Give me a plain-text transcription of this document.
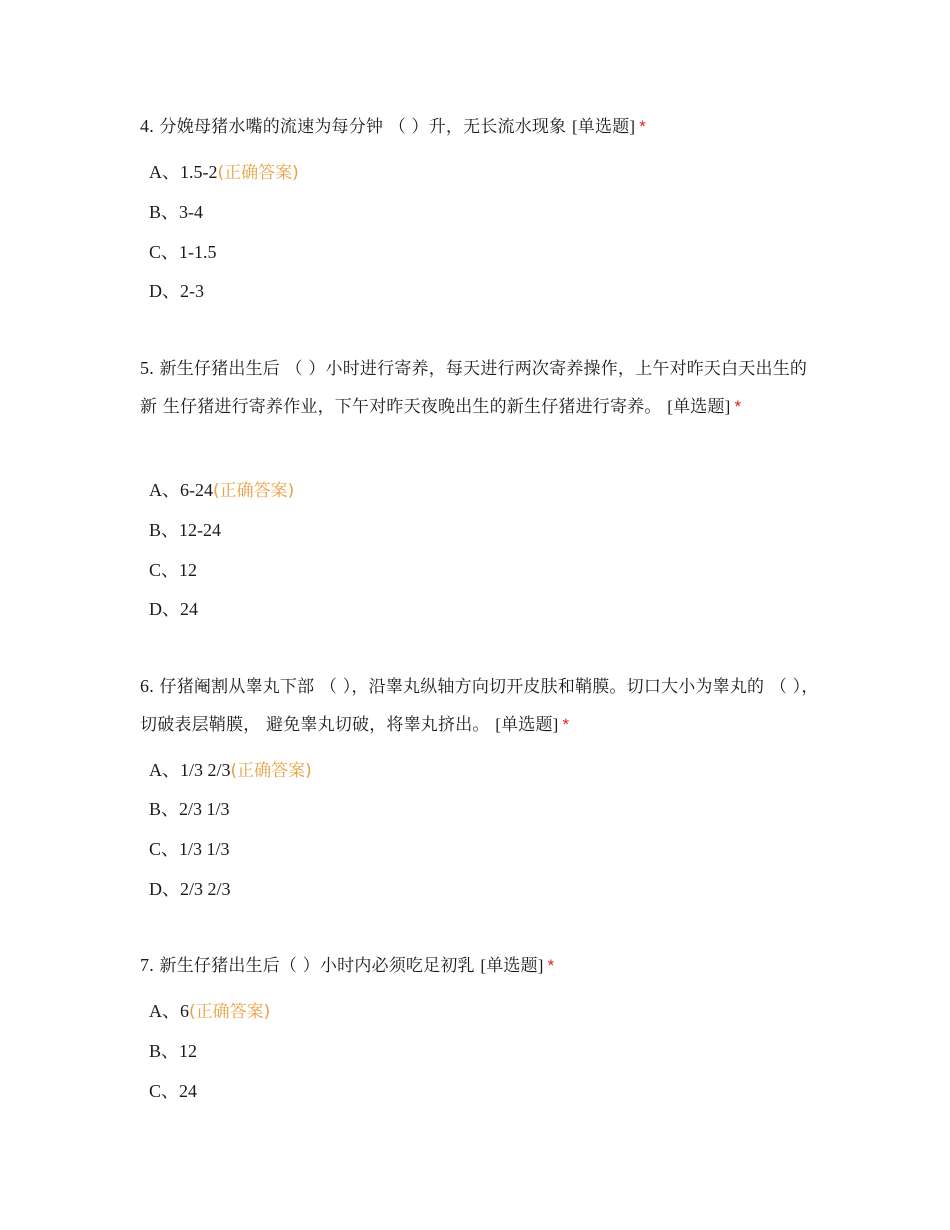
4. 分娩母猪水嘴的流速为每分钟 （ ）升，无长流水现象 [单选题] *

A、1.5-2(正确答案)
B、3-4
C、1-1.5
D、2-3

5. 新生仔猪出生后 （ ）小时进行寄养，每天进行两次寄养操作，上午对昨天白天出生的新 生仔猪进行寄养作业，下午对昨天夜晚出生的新生仔猪进行寄养。 [单选题] *

A、6-24(正确答案)
B、12-24
C、12
D、24

6. 仔猪阉割从睾丸下部 （ ），沿睾丸纵轴方向切开皮肤和鞘膜。切口大小为睾丸的 （ ），切破表层鞘膜， 避免睾丸切破，将睾丸挤出。 [单选题] *

A、1/3 2/3(正确答案)
B、2/3 1/3
C、1/3 1/3
D、2/3 2/3

7. 新生仔猪出生后（ ）小时内必须吃足初乳 [单选题] *

A、6(正确答案)
B、12
C、24
